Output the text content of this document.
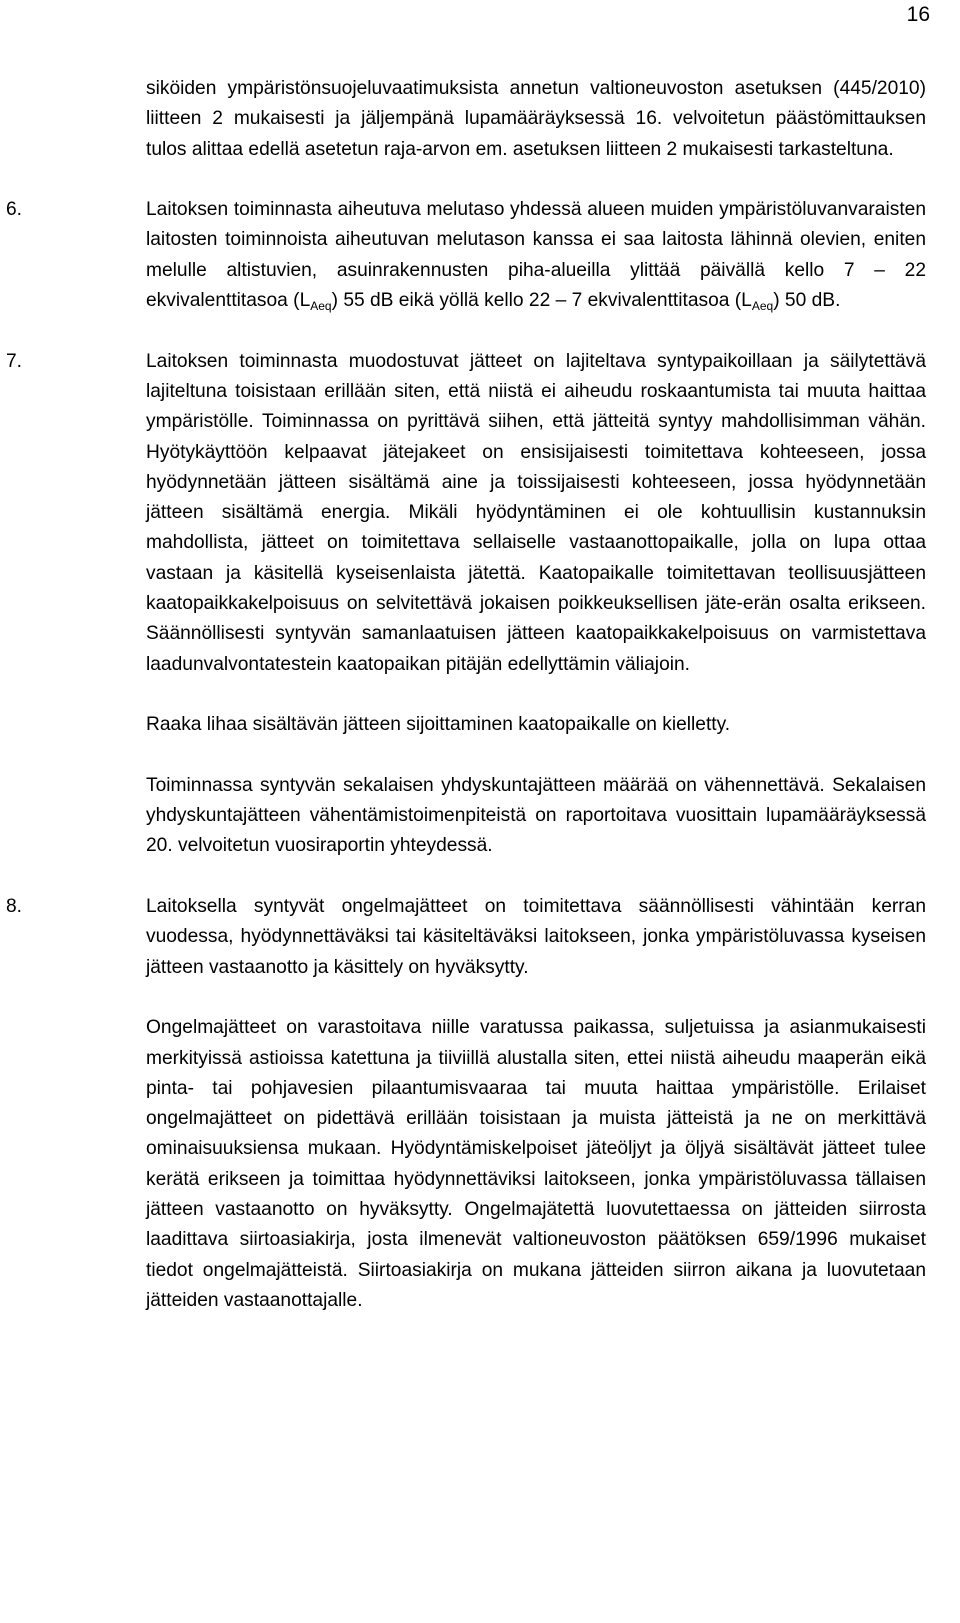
16

siköiden ympäristönsuojeluvaatimuksista annetun valtioneuvoston asetuksen (445/2010) liitteen 2 mukaisesti ja jäljempänä lupamääräyksessä 16. velvoitetun päästömittauksen tulos alittaa edellä asetetun raja-arvon em. asetuksen liitteen 2 mukaisesti tarkasteltuna.

6.	Laitoksen toiminnasta aiheutuva melutaso yhdessä alueen muiden ympäristöluvanvaraisten laitosten toiminnoista aiheutuvan melutason kanssa ei saa laitosta lähinnä olevien, eniten melulle altistuvien, asuinrakennusten piha-alueilla ylittää päivällä kello 7 – 22 ekvivalenttitasoa $(L_{Aeq})$ 55 dB eikä yöllä kello 22 – 7 ekvivalenttitasoa $(L_{Aeq})$ 50 dB.

7.	Laitoksen toiminnasta muodostuvat jätteet on lajiteltava syntypaikoillaan ja säilytettävä lajiteltuna toisistaan erillään siten, että niistä ei aiheudu roskaantumista tai muuta haittaa ympäristölle. Toiminnassa on pyrittävä siihen, että jätteitä syntyy mahdollisimman vähän. Hyötykäyttöön kelpaavat jätejakeet on ensisijaisesti toimitettava kohteeseen, jossa hyödynnetään jätteen sisältämä aine ja toissijaisesti kohteeseen, jossa hyödynnetään jätteen sisältämä energia. Mikäli hyödyntäminen ei ole kohtuullisin kustannuksin mahdollista, jätteet on toimitettava sellaiselle vastaanottopaikalle, jolla on lupa ottaa vastaan ja käsitellä kyseisenlaista jätettä. Kaatopaikalle toimitettavan teollisuusjätteen kaatopaikkakelpoisuus on selvitettävä jokaisen poikkeuksellisen jäte-erän osalta erikseen. Säännöllisesti syntyvän samanlaatuisen jätteen kaatopaikkakelpoisuus on varmistettava laadunvalvontatestein kaatopaikan pitäjän edellyttämin väliajoin.

Raaka lihaa sisältävän jätteen sijoittaminen kaatopaikalle on kielletty.

Toiminnassa syntyvän sekalaisen yhdyskuntajätteen määrää on vähennettävä. Sekalaisen yhdyskuntajätteen vähentämistoimenpiteistä on raportoitava vuosittain lupamääräyksessä 20. velvoitetun vuosiraportin yhteydessä.

8.	Laitoksella syntyvät ongelmajätteet on toimitettava säännöllisesti vähintään kerran vuodessa, hyödynnettäväksi tai käsiteltäväksi laitokseen, jonka ympäristöluvassa kyseisen jätteen vastaanotto ja käsittely on hyväksytty.

Ongelmajätteet on varastoitava niille varatussa paikassa, suljetuissa ja asianmukaisesti merkityissä astioissa katettuna ja tiiviillä alustalla siten, ettei niistä aiheudu maaperän eikä pinta- tai pohjavesien pilaantumisvaaraa tai muuta haittaa ympäristölle. Erilaiset ongelmajätteet on pidettävä erillään toisistaan ja muista jätteistä ja ne on merkittävä ominaisuuksiensa mukaan. Hyödyntämiskelpoiset jäteöljyt ja öljyä sisältävät jätteet tulee kerätä erikseen ja toimittaa hyödynnettäviksi laitokseen, jonka ympäristöluvassa tällaisen jätteen vastaanotto on hyväksytty. Ongelmajätettä luovutettaessa on jätteiden siirrosta laadittava siirtoasiakirja, josta ilmenevät valtioneuvoston päätöksen 659/1996 mukaiset tiedot ongelmajätteistä. Siirtoasiakirja on mukana jätteiden siirron aikana ja luovutetaan jätteiden vastaanottajalle.
